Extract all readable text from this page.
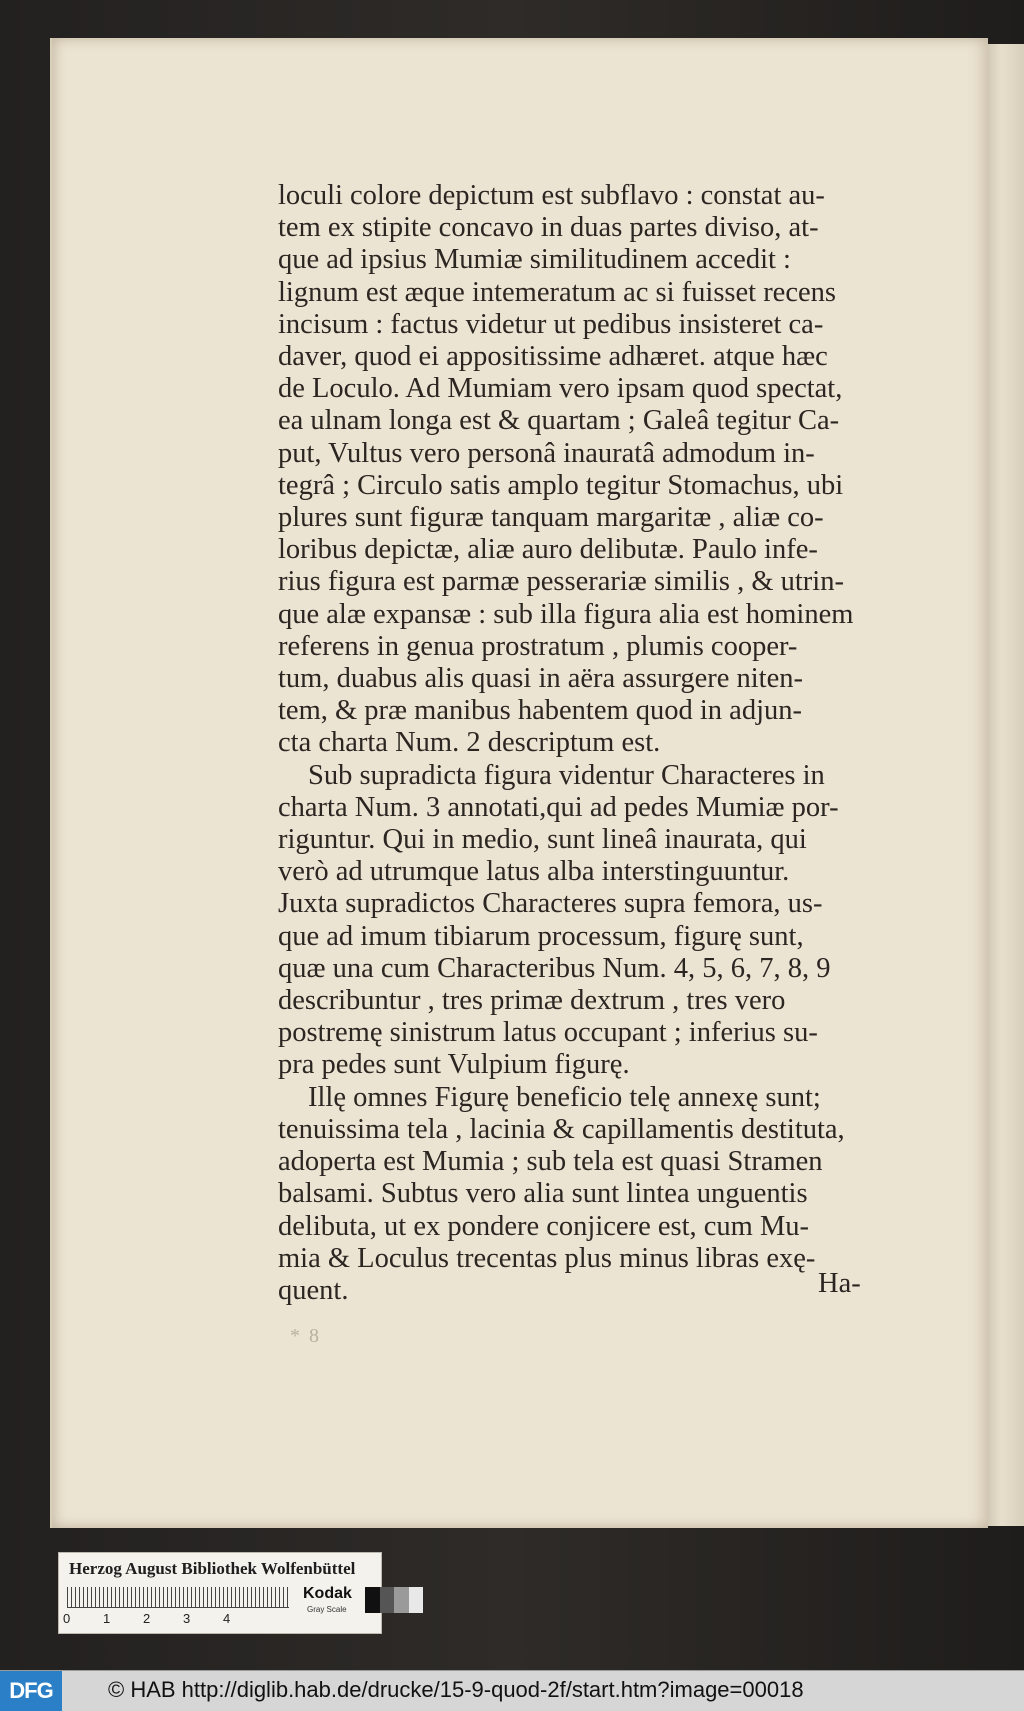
loculi colore depictum est subflavo : constat au-
tem ex stipite concavo in duas partes diviso, at-
que ad ipsius Mumiæ similitudinem accedit :
lignum est æque intemeratum ac si fuisset recens
incisum : factus videtur ut pedibus insisteret ca-
daver, quod ei appositissime adhæret. atque hæc
de Loculo. Ad Mumiam vero ipsam quod spectat,
ea ulnam longa est & quartam ; Galeâ tegitur Ca-
put, Vultus vero personâ inauratâ admodum in-
tegrâ ; Circulo satis amplo tegitur Stomachus, ubi
plures sunt figuræ tanquam margaritæ , aliæ co-
loribus depictæ, aliæ auro delibutæ. Paulo infe-
rius figura est parmæ pesserariæ similis , & utrin-
que alæ expansæ : sub illa figura alia est hominem
referens in genua prostratum , plumis cooper-
tum, duabus alis quasi in aëra assurgere niten-
tem, & præ manibus habentem quod in adjun-
cta charta Num. 2 descriptum est.
Sub supradicta figura videntur Characteres in
charta Num. 3 annotati,qui ad pedes Mumiæ por-
riguntur. Qui in medio, sunt lineâ inaurata, qui
verò ad utrumque latus alba interstinguuntur.
Juxta supradictos Characteres supra femora, us-
que ad imum tibiarum processum, figurę sunt,
quæ una cum Characteribus Num. 4, 5, 6, 7, 8, 9
describuntur , tres primæ dextrum , tres vero
postremę sinistrum latus occupant ; inferius su-
pra pedes sunt Vulpium figurę.
Illę omnes Figurę beneficio telę annexę sunt;
tenuissima tela , lacinia & capillamentis destituta,
adoperta est Mumia ; sub tela est quasi Stramen
balsami. Subtus vero alia sunt lintea unguentis
delibuta, ut ex pondere conjicere est, cum Mu-
mia & Loculus trecentas plus minus libras exę-
quent.	Ha-
* 8
Herzog August Bibliothek Wolfenbüttel
0	1	2	3	4
Kodak
Gray Scale
DFG	© HAB http://diglib.hab.de/drucke/15-9-quod-2f/start.htm?image=00018
